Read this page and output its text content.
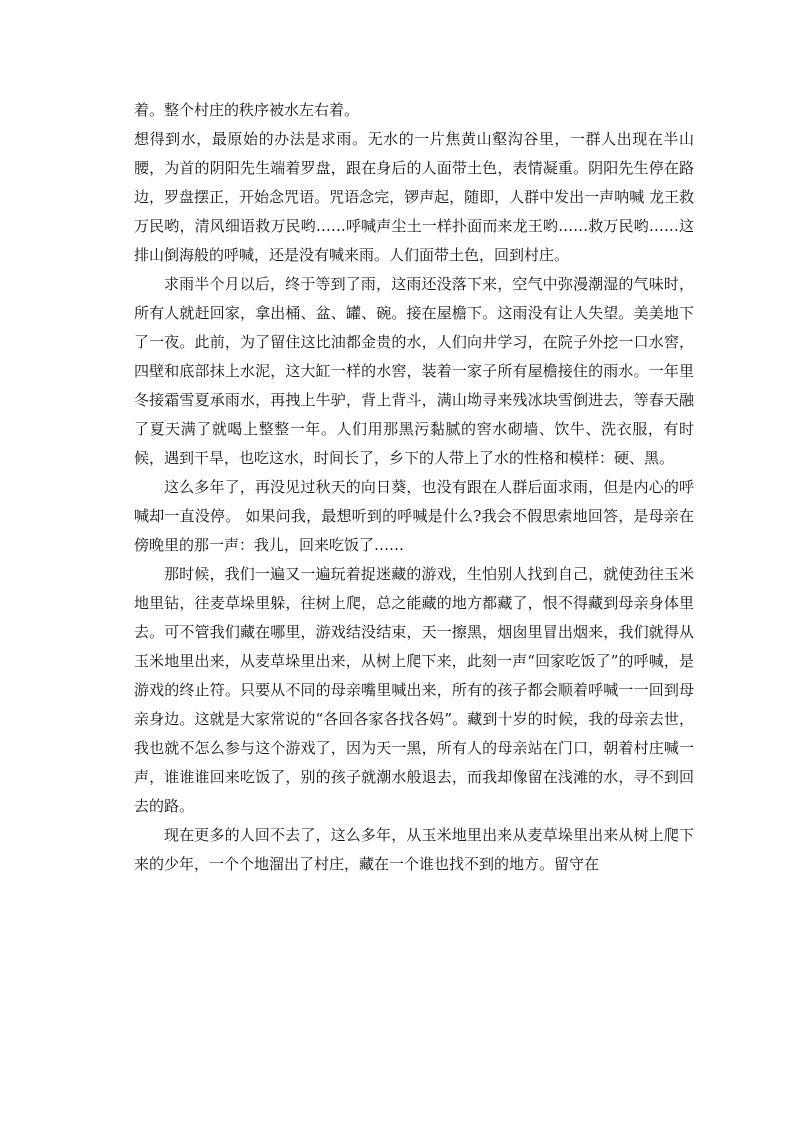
着。整个村庄的秩序被水左右着。

想得到水，最原始的办法是求雨。无水的一片焦黄山壑沟谷里，一群人出现在半山腰，为首的阴阳先生端着罗盘，跟在身后的人面带土色，表情凝重。阴阳先生停在路边，罗盘摆正，开始念咒语。咒语念完，锣声起，随即，人群中发出一声呐喊 龙王救万民哟，清风细语救万民哟……呼喊声尘土一样扑面而来龙王哟……救万民哟……这排山倒海般的呼喊，还是没有喊来雨。人们面带土色，回到村庄。

求雨半个月以后，终于等到了雨，这雨还没落下来，空气中弥漫潮湿的气味时，所有人就赶回家，拿出桶、盆、罐、碗。接在屋檐下。这雨没有让人失望。美美地下了一夜。此前，为了留住这比油都金贵的水，人们向井学习，在院子外挖一口水窖，四壁和底部抹上水泥，这大缸一样的水窖，装着一家子所有屋檐接住的雨水。一年里冬接霜雪夏承雨水，再拽上牛驴，背上背斗，满山坳寻来残冰块雪倒进去，等春天融了夏天满了就喝上整整一年。人们用那黑污黏腻的窖水砌墙、饮牛、洗衣服，有时候，遇到干旱，也吃这水，时间长了，乡下的人带上了水的性格和模样：硬、黑。

这么多年了，再没见过秋天的向日葵，也没有跟在人群后面求雨，但是内心的呼喊却一直没停。 如果问我，最想听到的呼喊是什么?我会不假思索地回答，是母亲在傍晚里的那一声：我儿，回来吃饭了……

那时候，我们一遍又一遍玩着捉迷藏的游戏，生怕别人找到自己，就使劲往玉米地里钻，往麦草垛里躲，往树上爬，总之能藏的地方都藏了，恨不得藏到母亲身体里去。可不管我们藏在哪里，游戏结没结束，天一擦黑，烟囱里冒出烟来，我们就得从玉米地里出来，从麦草垛里出来，从树上爬下来，此刻一声“回家吃饭了”的呼喊，是游戏的终止符。只要从不同的母亲嘴里喊出来，所有的孩子都会顺着呼喊一一回到母亲身边。这就是大家常说的“各回各家各找各妈”。藏到十岁的时候，我的母亲去世，我也就不怎么参与这个游戏了，因为天一黑，所有人的母亲站在门口，朝着村庄喊一声，谁谁谁回来吃饭了，别的孩子就潮水般退去，而我却像留在浅滩的水，寻不到回去的路。

现在更多的人回不去了，这么多年，从玉米地里出来从麦草垛里出来从树上爬下来的少年，一个个地溜出了村庄，藏在一个谁也找不到的地方。留守在
